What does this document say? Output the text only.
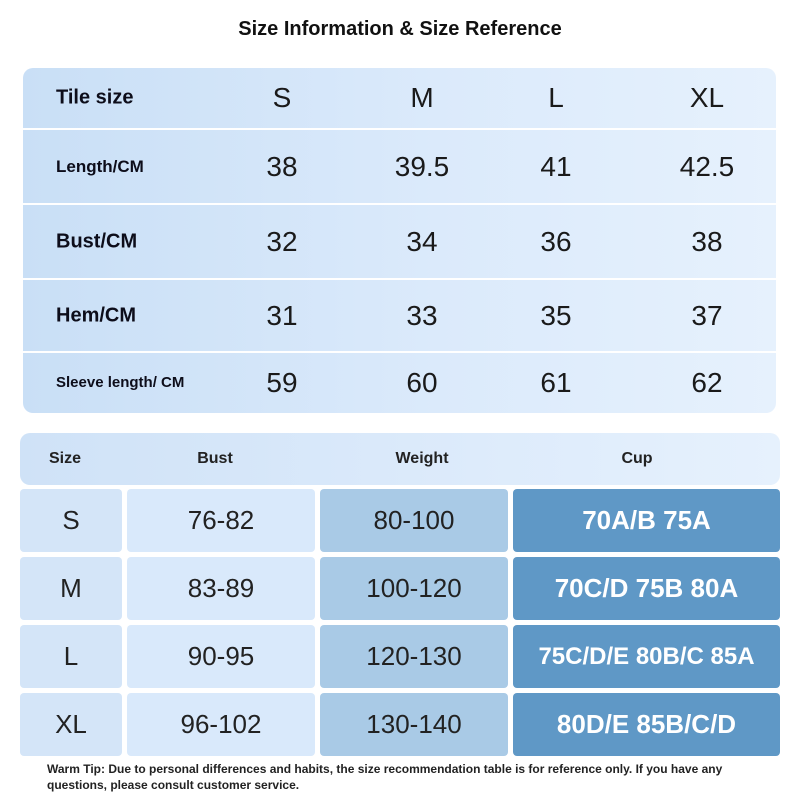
Size Information & Size Reference
Tile size	S	M	L	XL
Length/CM	38	39.5	41	42.5
Bust/CM	32	34	36	38
Hem/CM	31	33	35	37
Sleeve length/ CM	59	60	61	62
Size	Bust	Weight	Cup
S	76-82	80-100	70A/B 75A
M	83-89	100-120	70C/D 75B 80A
L	90-95	120-130	75C/D/E 80B/C 85A
XL	96-102	130-140	80D/E 85B/C/D
Warm Tip: Due to personal differences and habits, the size recommendation table is for reference only. If you have any questions, please consult customer service.
